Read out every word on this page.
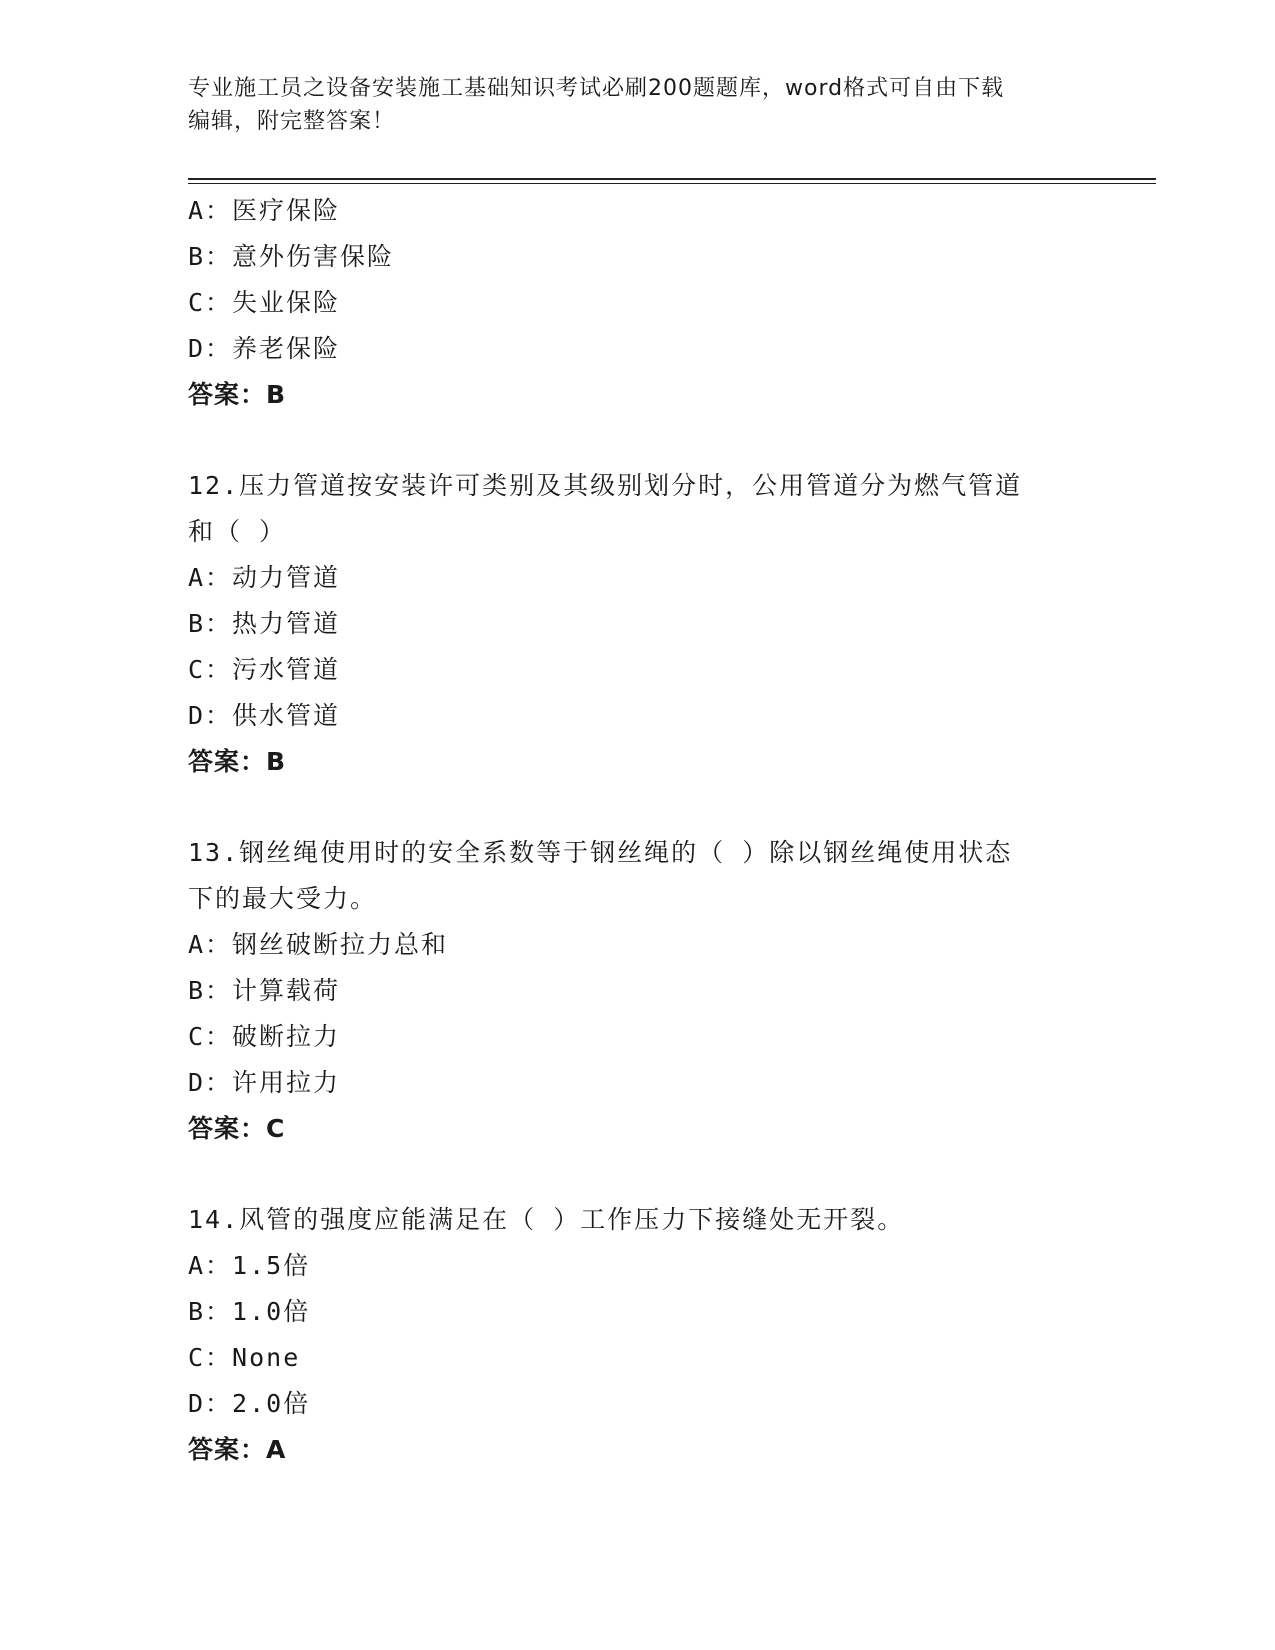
专业施工员之设备安装施工基础知识考试必刷200题题库，word格式可自由下载
编辑，附完整答案！
A：医疗保险
B：意外伤害保险
C：失业保险
D：养老保险
答案：B
12.压力管道按安装许可类别及其级别划分时，公用管道分为燃气管道
和（ ）
A：动力管道
B：热力管道
C：污水管道
D：供水管道
答案：B
13.钢丝绳使用时的安全系数等于钢丝绳的（ ）除以钢丝绳使用状态
下的最大受力。
A：钢丝破断拉力总和
B：计算载荷
C：破断拉力
D：许用拉力
答案：C
14.风管的强度应能满足在（ ）工作压力下接缝处无开裂。
A：1.5倍
B：1.0倍
C：None
D：2.0倍
答案：A
